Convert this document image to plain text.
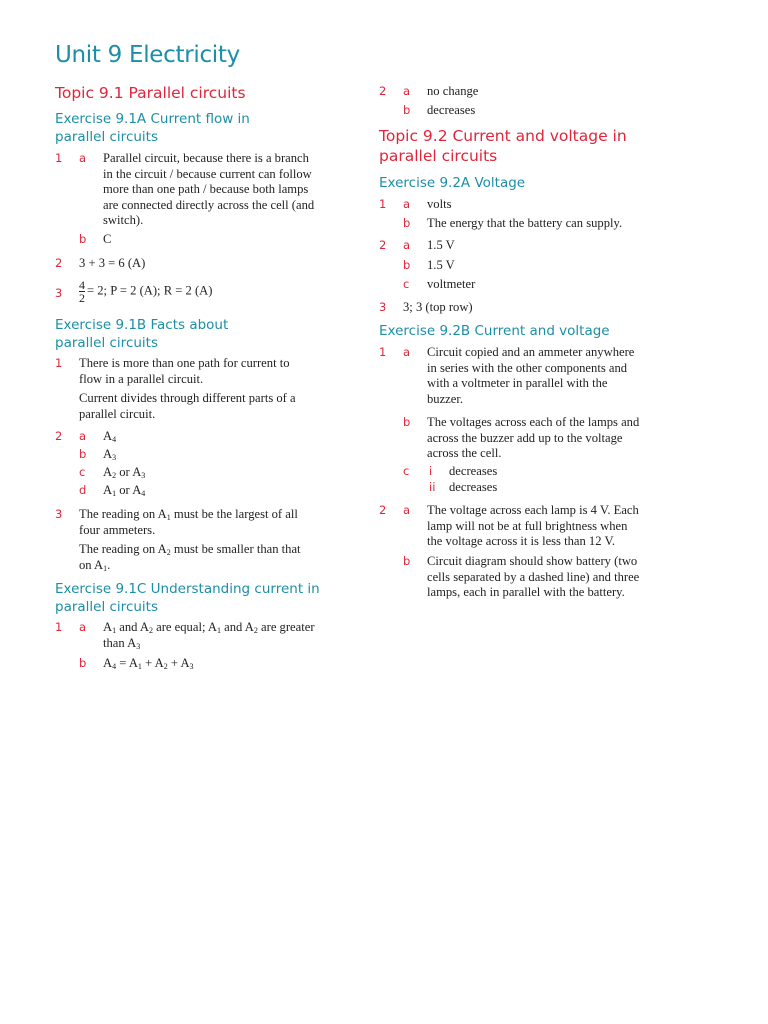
Unit 9 Electricity
Topic 9.1 Parallel circuits
Exercise 9.1A Current flow in
parallel circuits
1 a Parallel circuit, because there is a branch
in the circuit / because current can follow
more than one path / because both lamps
are connected directly across the cell (and
switch).
b C
2 3 + 3 = 6 (A)
$3 \frac{4}{2} = 2$; P = 2 (A); R = 2 (A)
Exercise 9.1B Facts about
parallel circuits
1 There is more than one path for current to
flow in a parallel circuit.
Current divides through different parts of a
parallel circuit.
2 a $A_4$
b $A_3$
c $A_2$ or $A_3$
d $A_1$ or $A_4$
3 The reading on $A_1$ must be the largest of all
four ammeters.
The reading on $A_2$ must be smaller than that
on $A_1$.
Exercise 9.1C Understanding current in
parallel circuits
1 a $A_1$ and $A_2$ are equal; $A_1$ and $A_2$ are greater
than $A_3$
b $A_4 = A_1 + A_2 + A_3$
2 a no change
b decreases
Topic 9.2 Current and voltage in
parallel circuits
Exercise 9.2A Voltage
1 a volts
b The energy that the battery can supply.
2 a 1.5 V
b 1.5 V
c voltmeter
3 3; 3 (top row)
Exercise 9.2B Current and voltage
1 a Circuit copied and an ammeter anywhere
in series with the other components and
with a voltmeter in parallel with the
buzzer.
b The voltages across each of the lamps and
across the buzzer add up to the voltage
across the cell.
c i decreases
ii decreases
2 a The voltage across each lamp is 4 V. Each
lamp will not be at full brightness when
the voltage across it is less than 12 V.
b Circuit diagram should show battery (two
cells separated by a dashed line) and three
lamps, each in parallel with the battery.
